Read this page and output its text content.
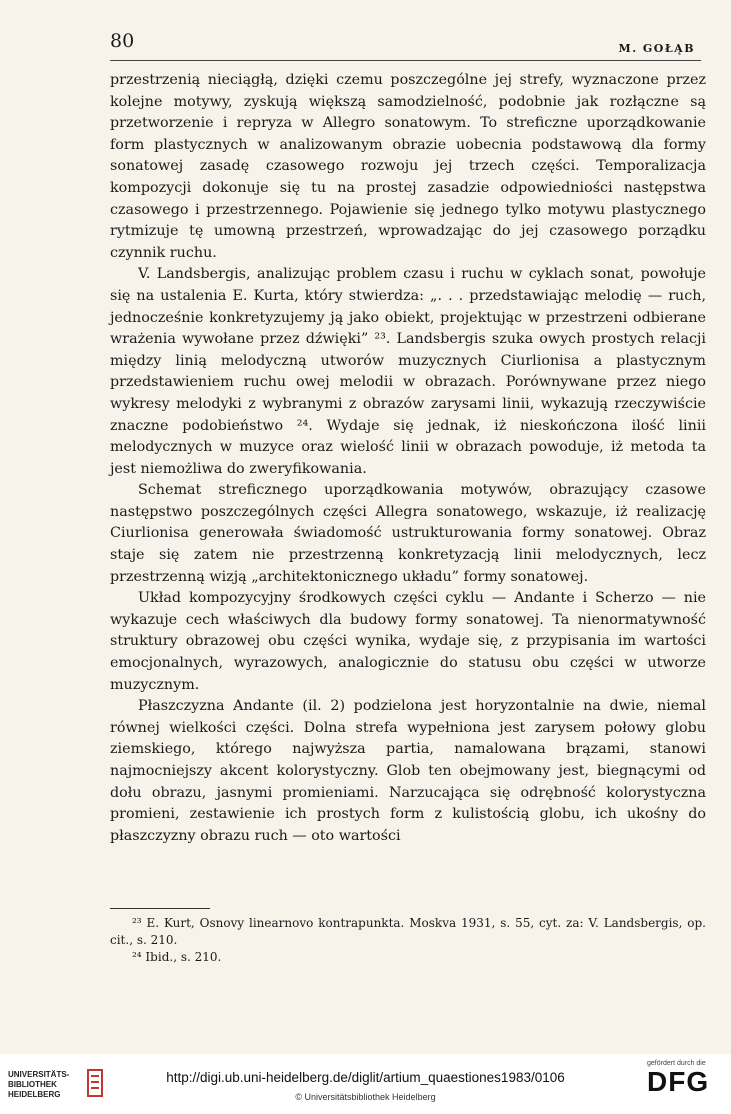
80	M. GOŁĄB

przestrzenią nieciągłą, dzięki czemu poszczególne jej strefy, wyznaczone przez kolejne motywy, zyskują większą samodzielność, podobnie jak rozłączne są przetworzenie i repryza w Allegro sonatowym. To streficzne uporządkowanie form plastycznych w analizowanym obrazie uobecnia podstawową dla formy sonatowej zasadę czasowego rozwoju jej trzech części. Temporalizacja kompozycji dokonuje się tu na prostej zasadzie odpowiedniości następstwa czasowego i przestrzennego. Pojawienie się jednego tylko motywu plastycznego rytmizuje tę umowną przestrzeń, wprowadzając do jej czasowego porządku czynnik ruchu.

V. Landsbergis, analizując problem czasu i ruchu w cyklach sonat, powołuje się na ustalenia E. Kurta, który stwierdza: „. . . przedstawiając melodię — ruch, jednocześnie konkretyzujemy ją jako obiekt, projektując w przestrzeni odbierane wrażenia wywołane przez dźwięki” ²³. Landsbergis szuka owych prostych relacji między linią melodyczną utworów muzycznych Ciurlionisa a plastycznym przedstawieniem ruchu owej melodii w obrazach. Porównywane przez niego wykresy melodyki z wybranymi z obrazów zarysami linii, wykazują rzeczywiście znaczne podobieństwo ²⁴. Wydaje się jednak, iż nieskończona ilość linii melodycznych w muzyce oraz wielość linii w obrazach powoduje, iż metoda ta jest niemożliwa do zweryfikowania.

Schemat streficznego uporządkowania motywów, obrazujący czasowe następstwo poszczególnych części Allegra sonatowego, wskazuje, iż realizację Ciurlionisa generowała świadomość ustrukturowania formy sonatowej. Obraz staje się zatem nie przestrzenną konkretyzacją linii melodycznych, lecz przestrzenną wizją „architektonicznego układu” formy sonatowej.

Układ kompozycyjny środkowych części cyklu — Andante i Scherzo — nie wykazuje cech właściwych dla budowy formy sonatowej. Ta nienormatywność struktury obrazowej obu części wynika, wydaje się, z przypisania im wartości emocjonalnych, wyrazowych, analogicznie do statusu obu części w utworze muzycznym.

Płaszczyzna Andante (il. 2) podzielona jest horyzontalnie na dwie, niemal równej wielkości części. Dolna strefa wypełniona jest zarysem połowy globu ziemskiego, którego najwyższa partia, namalowana brązami, stanowi najmocniejszy akcent kolorystyczny. Glob ten obejmowany jest, biegnącymi od dołu obrazu, jasnymi promieniami. Narzucająca się odrębność kolorystyczna promieni, zestawienie ich prostych form z kulistością globu, ich ukośny do płaszczyzny obrazu ruch — oto wartości

²³ E. Kurt, Osnovy linearnovo kontrapunkta. Moskva 1931, s. 55, cyt. za: V. Landsbergis, op. cit., s. 210.

²⁴ Ibid., s. 210.

UNIVERSITÄTS-
BIBLIOTHEK
HEIDELBERG
http://digi.ub.uni-heidelberg.de/diglit/artium_quaestiones1983/0106
© Universitätsbibliothek Heidelberg
gefördert durch die
DFG
